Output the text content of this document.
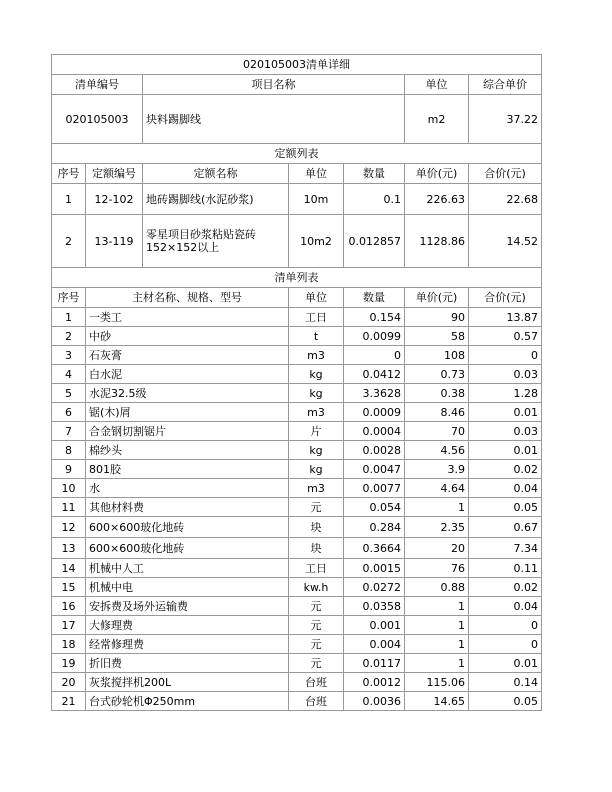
020105003清单详细						
清单编号		项目名称			单位	综合单价
020105003		块料踢脚线			m2	37.22
定额列表						
序号	定额编号	定额名称	单位	数量	单价(元)	合价(元)
1	12-102	地砖踢脚线(水泥砂浆)	10m	0.1	226.63	22.68
2	13-119	零星项目砂浆粘贴瓷砖 152×152以上	10m2	0.012857	1128.86	14.52
清单列表						
序号	主材名称、规格、型号		单位	数量	单价(元)	合价(元)
1	一类工		工日	0.154	90	13.87
2	中砂		t	0.0099	58	0.57
3	石灰膏		m3	0	108	0
4	白水泥		kg	0.0412	0.73	0.03
5	水泥32.5级		kg	3.3628	0.38	1.28
6	锯(木)屑		m3	0.0009	8.46	0.01
7	合金钢切割锯片		片	0.0004	70	0.03
8	棉纱头		kg	0.0028	4.56	0.01
9	801胶		kg	0.0047	3.9	0.02
10	水		m3	0.0077	4.64	0.04
11	其他材料费		元	0.054	1	0.05
12	600×600玻化地砖		块	0.284	2.35	0.67
13	600×600玻化地砖		块	0.3664	20	7.34
14	机械中人工		工日	0.0015	76	0.11
15	机械中电		kw.h	0.0272	0.88	0.02
16	安拆费及场外运输费		元	0.0358	1	0.04
17	大修理费		元	0.001	1	0
18	经常修理费		元	0.004	1	0
19	折旧费		元	0.0117	1	0.01
20	灰浆搅拌机200L		台班	0.0012	115.06	0.14
21	台式砂轮机Φ250mm		台班	0.0036	14.65	0.05
